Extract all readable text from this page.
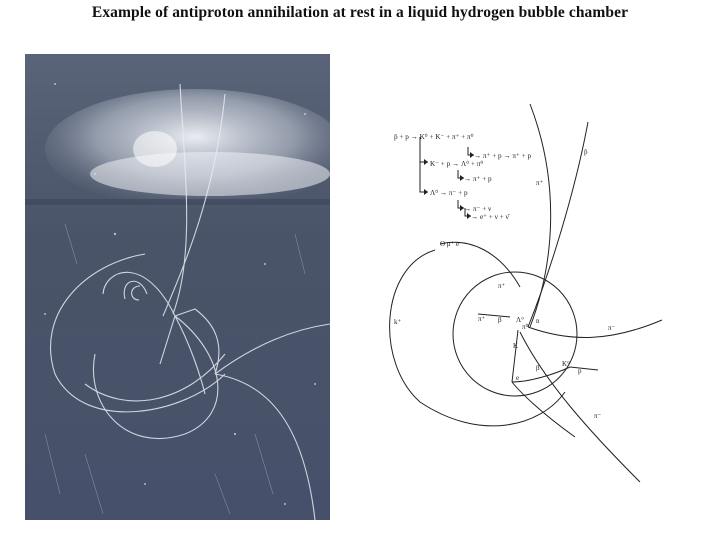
Example of antiproton annihilation at rest in a liquid hydrogen bubble chamber
p̄ + p → K⁰ + K⁻ + π⁺ + π⁰
→ π⁺ + p → π⁺ + p
K⁻ + p → Λ⁰ + π⁰
→ π⁺ + p
Λ⁰ → π⁻ + p
→ π⁻ + ν
→ e⁺ + ν + ν̄
p̄
π⁺
Θ μ⁺ e
π⁺
k⁺	π⁺ β Λ°
π⁰
n
K
e
β	K°
p
π⁻
π⁻
